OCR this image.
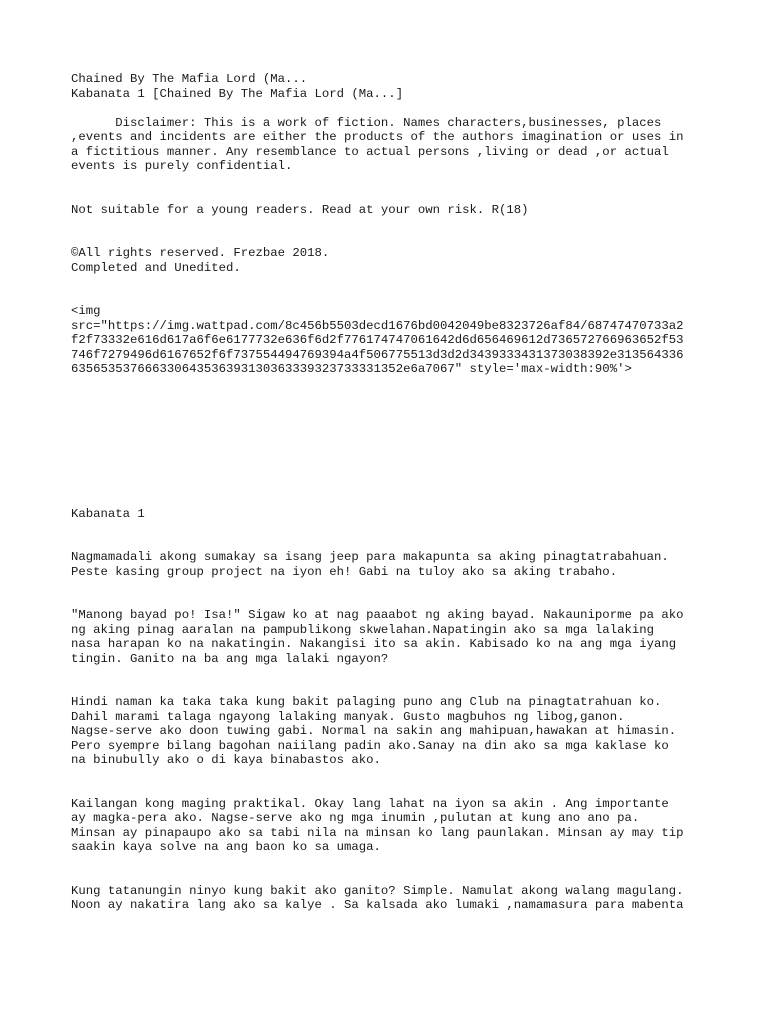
Chained By The Mafia Lord (Ma...

Kabanata 1 [Chained By The Mafia Lord (Ma...]

Disclaimer: This is a work of fiction. Names characters,businesses, places

,events and incidents are either the products of the authors imagination or uses in

a fictitious manner. Any resemblance to actual persons ,living or dead ,or actual

events is purely confidential.

Not suitable for a young readers. Read at your own risk. R(18)

©All rights reserved. Frezbae 2018.

Completed and Unedited.

<img

src="https://img.wattpad.com/8c456b5503decd1676bd0042049be8323726af84/68747470733a2

f2f73332e616d617a6f6e6177732e636f6d2f776174747061642d6d656469612d736572766963652f53

746f7279496d6167652f6f737554494769394a4f506775513d3d2d3439333431373038392e313564336

635653537666330643536393130363339323733331352e6a7067" style='max-width:90%'>

Kabanata 1

Nagmamadali akong sumakay sa isang jeep para makapunta sa aking pinagtatrabahuan.

Peste kasing group project na iyon eh! Gabi na tuloy ako sa aking trabaho.

"Manong bayad po! Isa!" Sigaw ko at nag paaabot ng aking bayad. Nakauniporme pa ako

ng aking pinag aaralan na pampublikong skwelahan.Napatingin ako sa mga lalaking

nasa harapan ko na nakatingin. Nakangisi ito sa akin. Kabisado ko na ang mga iyang

tingin. Ganito na ba ang mga lalaki ngayon?

Hindi naman ka taka taka kung bakit palaging puno ang Club na pinagtatrahuan ko.

Dahil marami talaga ngayong lalaking manyak. Gusto magbuhos ng libog,ganon.

Nagse-serve ako doon tuwing gabi. Normal na sakin ang mahipuan,hawakan at himasin.

Pero syempre bilang bagohan naiilang padin ako.Sanay na din ako sa mga kaklase ko

na binubully ako o di kaya binabastos ako.

Kailangan kong maging praktikal. Okay lang lahat na iyon sa akin . Ang importante

ay magka-pera ako. Nagse-serve ako ng mga inumin ,pulutan at kung ano ano pa.

Minsan ay pinapaupo ako sa tabi nila na minsan ko lang paunlakan. Minsan ay may tip

saakin kaya solve na ang baon ko sa umaga.

Kung tatanungin ninyo kung bakit ako ganito? Simple. Namulat akong walang magulang.

Noon ay nakatira lang ako sa kalye . Sa kalsada ako lumaki ,namamasura para mabenta
